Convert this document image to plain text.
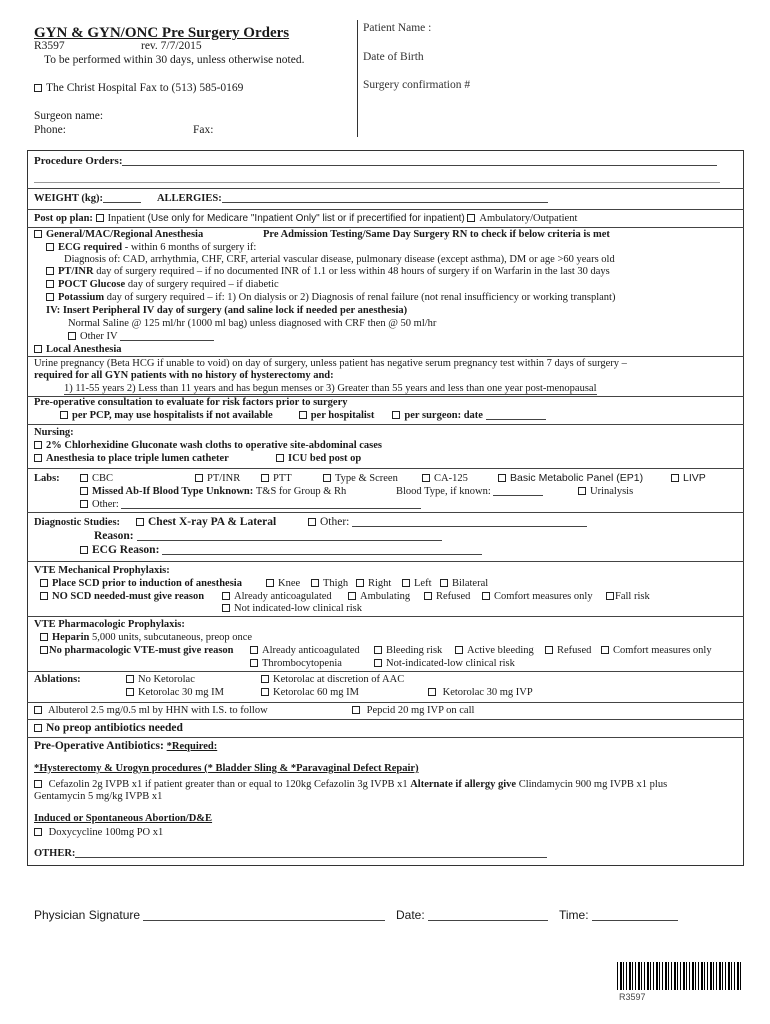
GYN & GYN/ONC Pre Surgery Orders
R3597	rev. 7/7/2015
To be performed within 30 days, unless otherwise noted.
The Christ Hospital Fax to (513) 585-0169
Surgeon name:
Phone:	Fax:
Patient Name :
Date of Birth
Surgery confirmation #
Procedure Orders:
WEIGHT (kg):	ALLERGIES:
Post op plan: Inpatient (Use only for Medicare "Inpatient Only" list or if precertified for inpatient) Ambulatory/Outpatient
General/MAC/Regional Anesthesia	Pre Admission Testing/Same Day Surgery RN to check if below criteria is met
ECG required - within 6 months of surgery if:
Diagnosis of: CAD, arrhythmia, CHF, CRF, arterial vascular disease, pulmonary disease (except asthma), DM or age >60 years old
PT/INR day of surgery required – if no documented INR of 1.1 or less within 48 hours of surgery if on Warfarin in the last 30 days
POCT Glucose day of surgery required – if diabetic
Potassium day of surgery required – if: 1) On dialysis or 2) Diagnosis of renal failure (not renal insufficiency or working transplant)
IV: Insert Peripheral IV day of surgery (and saline lock if needed per anesthesia)
Normal Saline @ 125 ml/hr (1000 ml bag) unless diagnosed with CRF then @ 50 ml/hr
Other IV
Local Anesthesia
Urine pregnancy (Beta HCG if unable to void) on day of surgery, unless patient has negative serum pregnancy test within 7 days of surgery –
required for all GYN patients with no history of hysterectomy and:
1) 11-55 years 2) Less than 11 years and has begun menses or 3) Greater than 55 years and less than one year post-menopausal
Pre-operative consultation to evaluate for risk factors prior to surgery
per PCP, may use hospitalists if not available	per hospitalist	per surgeon: date
Nursing:
2% Chlorhexidine Gluconate wash cloths to operative site-abdominal cases
Anesthesia to place triple lumen catheter	ICU bed post op
Labs:	CBC	PT/INR	PTT	Type & Screen	CA-125	Basic Metabolic Panel (EP1)	LIVP
Missed Ab-If Blood Type Unknown: T&S for Group & Rh	Blood Type, if known:	Urinalysis
Other:
Diagnostic Studies:	Chest X-ray PA & Lateral	Other:
Reason:
ECG Reason:
VTE Mechanical Prophylaxis:
Place SCD prior to induction of anesthesia	Knee	Thigh	Right	Left	Bilateral
NO SCD needed-must give reason	Already anticoagulated	Ambulating	Refused	Comfort measures only	Fall risk
Not indicated-low clinical risk
VTE Pharmacologic Prophylaxis:
Heparin 5,000 units, subcutaneous, preop once
No pharmacologic VTE-must give reason	Already anticoagulated	Bleeding risk	Active bleeding	Refused	Comfort measures only
Thrombocytopenia	Not-indicated-low clinical risk
Ablations:	No Ketorolac	Ketorolac at discretion of AAC
Ketorolac 30 mg IM	Ketorolac 60 mg IM	Ketorolac 30 mg IVP
Albuterol 2.5 mg/0.5 ml by HHN with I.S. to follow	Pepcid 20 mg IVP on call
No preop antibiotics needed
Pre-Operative Antibiotics: *Required:
*Hysterectomy & Urogyn procedures (* Bladder Sling & *Paravaginal Defect Repair)
Cefazolin 2g IVPB x1 if patient greater than or equal to 120kg Cefazolin 3g IVPB x1 Alternate if allergy give Clindamycin 900 mg IVPB x1 plus
Gentamycin 5 mg/kg IVPB x1
Induced or Spontaneous Abortion/D&E
Doxycycline 100mg PO x1
OTHER:
Physician Signature	Date:	Time:
R3597
